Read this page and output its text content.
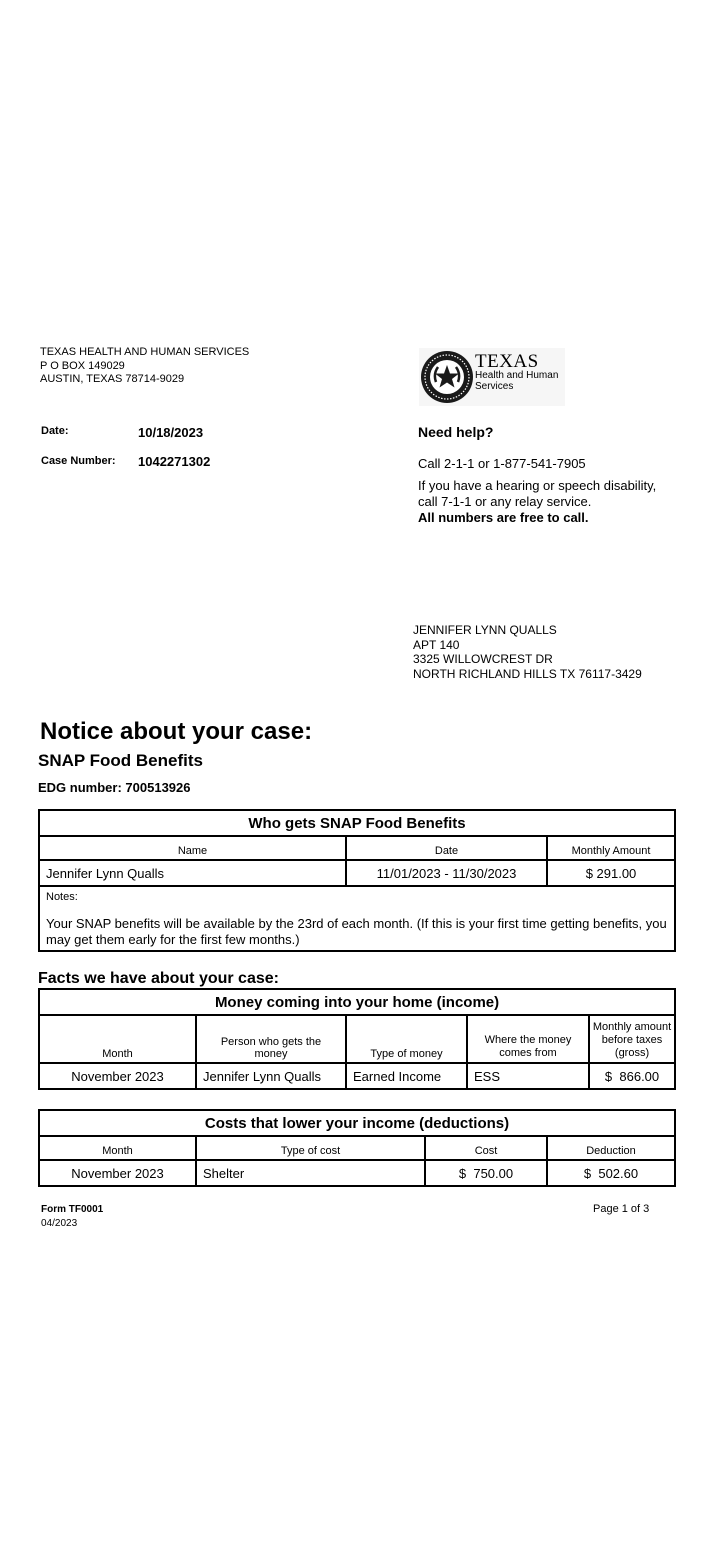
TEXAS HEALTH AND HUMAN SERVICES
P O BOX 149029
AUSTIN, TEXAS 78714-9029
TEXAS
Health and Human
Services
Date:	10/18/2023
Case Number: 1042271302
Need help?
Call 2-1-1 or 1-877-541-7905
If you have a hearing or speech disability,
call 7-1-1 or any relay service.
All numbers are free to call.
JENNIFER LYNN QUALLS
APT 140
3325 WILLOWCREST DR
NORTH RICHLAND HILLS TX 76117-3429
Notice about your case:
SNAP Food Benefits
EDG number: 700513926
Who gets SNAP Food Benefits		
Name	Date	Monthly Amount
Jennifer Lynn Qualls	11/01/2023 - 11/30/2023	$ 291.00

Notes:
Your SNAP benefits will be available by the 23rd of each month. (If this is your first time getting benefits, you may get them early for the first few months.)		
Facts we have about your case:
Money coming into your home (income)				
Month	Person who gets the money	Type of money	Where the money comes from	Monthly amount before taxes (gross)
November 2023	Jennifer Lynn Qualls	Earned Income	ESS	$  866.00
Costs that lower your income (deductions)			
Month	Type of cost	Cost	Deduction
November 2023	Shelter	$  750.00	$  502.60
Form TF0001
04/2023
Page 1 of 3
